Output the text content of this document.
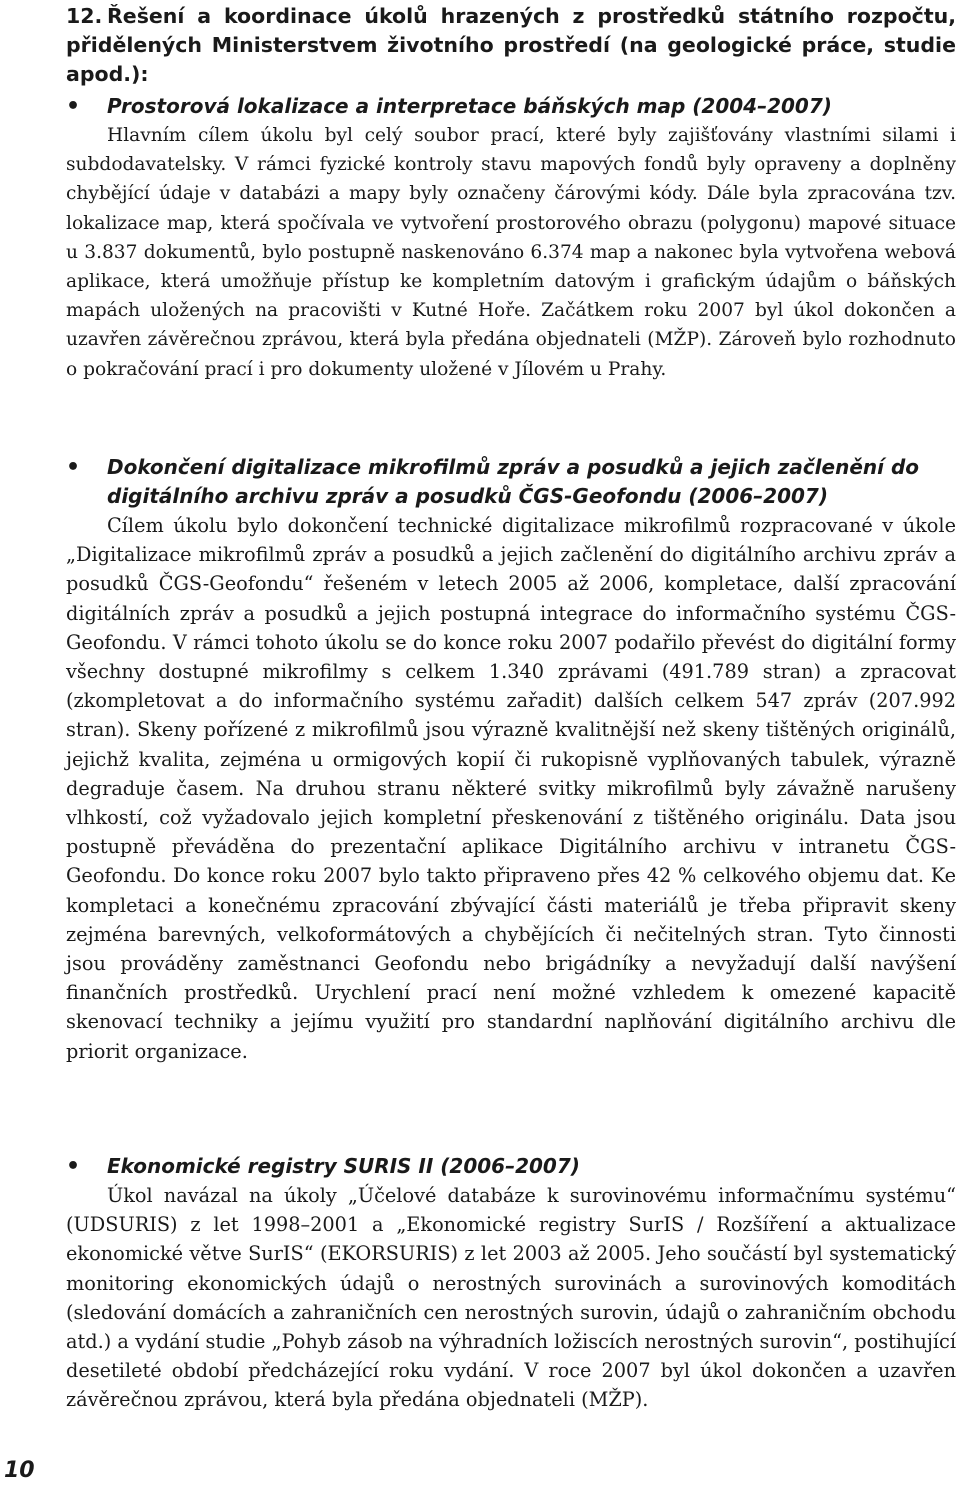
12. Řešení a koordinace úkolů hrazených z prostředků státního rozpočtu, přidělených Ministerstvem životního prostředí (na geologické práce, studie apod.):
• Prostorová lokalizace a interpretace báňských map (2004–2007)

Hlavním cílem úkolu byl celý soubor prací, které byly zajišťovány vlastními silami i subdodavatelsky. V rámci fyzické kontroly stavu mapových fondů byly opraveny a doplněny chybějící údaje v databázi a mapy byly označeny čárovými kódy. Dále byla zpracována tzv. lokalizace map, která spočívala ve vytvoření prostorového obrazu (polygonu) mapové situace u 3.837 dokumentů, bylo postupně naskenováno 6.374 map a nakonec byla vytvořena webová aplikace, která umožňuje přístup ke kompletním datovým i grafickým údajům o báňských mapách uložených na pracovišti v Kutné Hoře. Začátkem roku 2007 byl úkol dokončen a uzavřen závěrečnou zprávou, která byla předána objednateli (MŽP). Zároveň bylo rozhodnuto o pokračování prací i pro dokumenty uložené v Jílovém u Prahy.

• Dokončení digitalizace mikrofilmů zpráv a posudků a jejich začlenění do digitálního archivu zpráv a posudků ČGS-Geofondu (2006–2007)

Cílem úkolu bylo dokončení technické digitalizace mikrofilmů rozpracované v úkole „Digitalizace mikrofilmů zpráv a posudků a jejich začlenění do digitálního archivu zpráv a posudků ČGS-Geofondu“ řešeném v letech 2005 až 2006, kompletace, další zpracování digitálních zpráv a posudků a jejich postupná integrace do informačního systému ČGS-Geofondu. V rámci tohoto úkolu se do konce roku 2007 podařilo převést do digitální formy všechny dostupné mikrofilmy s celkem 1.340 zprávami (491.789 stran) a zpracovat (zkompletovat a do informačního systému zařadit) dalších celkem 547 zpráv (207.992 stran). Skeny pořízené z mikrofilmů jsou výrazně kvalitnější než skeny tištěných originálů, jejichž kvalita, zejména u ormigových kopií či rukopisně vyplňovaných tabulek, výrazně degraduje časem. Na druhou stranu některé svitky mikrofilmů byly závažně narušeny vlhkostí, což vyžadovalo jejich kompletní přeskenování z tištěného originálu. Data jsou postupně převáděna do prezentační aplikace Digitálního archivu v intranetu ČGS-Geofondu. Do konce roku 2007 bylo takto připraveno přes 42 % celkového objemu dat. Ke kompletaci a konečnému zpracování zbývající části materiálů je třeba připravit skeny zejména barevných, velkoformátových a chybějících či nečitelných stran. Tyto činnosti jsou prováděny zaměstnanci Geofondu nebo brigádníky a nevyžadují další navýšení finančních prostředků. Urychlení prací není možné vzhledem k omezené kapacitě skenovací techniky a jejímu využití pro standardní naplňování digitálního archivu dle priorit organizace.

• Ekonomické registry SURIS II (2006–2007)

Úkol navázal na úkoly „Účelové databáze k surovinovému informačnímu systému“ (UDSURIS) z let 1998–2001 a „Ekonomické registry SurIS / Rozšíření a aktualizace ekonomické větve SurIS“ (EKORSURIS) z let 2003 až 2005. Jeho součástí byl systematický monitoring ekonomických údajů o nerostných surovinách a surovinových komoditách (sledování domácích a zahraničních cen nerostných surovin, údajů o zahraničním obchodu atd.) a vydání studie „Pohyb zásob na výhradních ložiscích nerostných surovin“, postihující desetileté období předcházející roku vydání. V roce 2007 byl úkol dokončen a uzavřen závěrečnou zprávou, která byla předána objednateli (MŽP).

10
